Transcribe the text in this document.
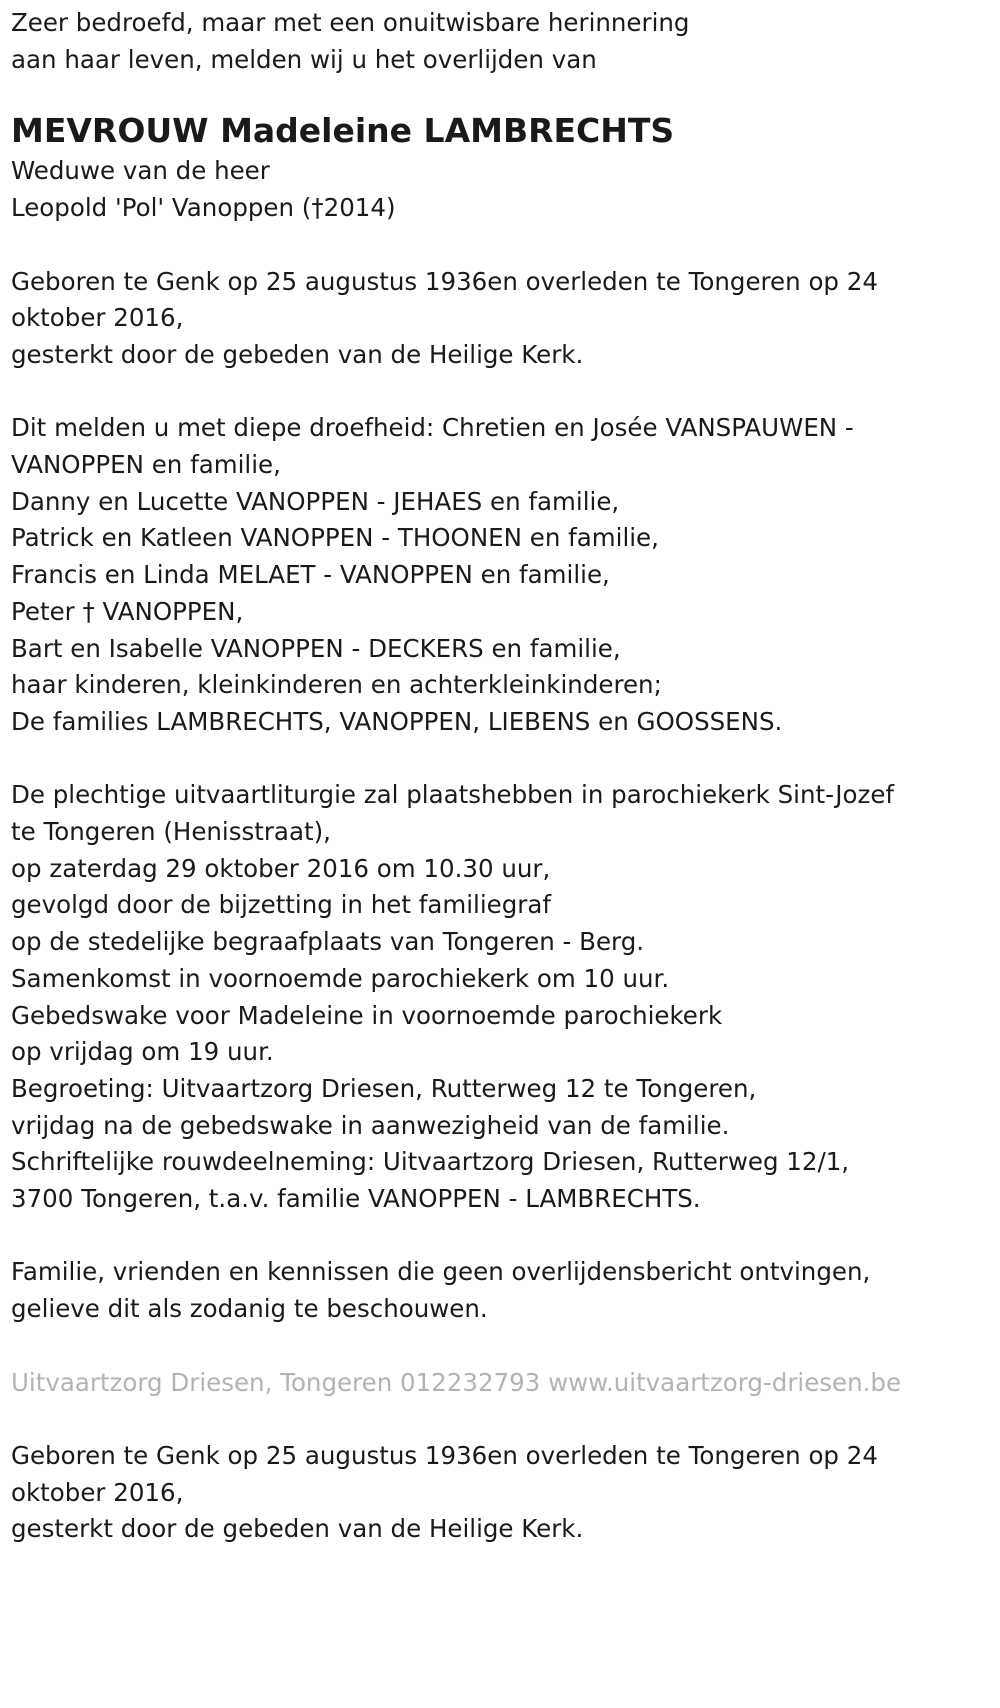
Zeer bedroefd, maar met een onuitwisbare herinnering

aan haar leven, melden wij u het overlijden van

MEVROUW Madeleine LAMBRECHTS

Weduwe van de heer

Leopold 'Pol' Vanoppen (†2014)

Geboren te Genk op 25 augustus 1936en overleden te Tongeren op 24

oktober 2016,

gesterkt door de gebeden van de Heilige Kerk.

Dit melden u met diepe droefheid: Chretien en Josée VANSPAUWEN -

VANOPPEN en familie,

Danny en Lucette VANOPPEN - JEHAES en familie,

Patrick en Katleen VANOPPEN - THOONEN en familie,

Francis en Linda MELAET - VANOPPEN en familie,

Peter † VANOPPEN,

Bart en Isabelle VANOPPEN - DECKERS en familie,

haar kinderen, kleinkinderen en achterkleinkinderen;

De families LAMBRECHTS, VANOPPEN, LIEBENS en GOOSSENS.

De plechtige uitvaartliturgie zal plaatshebben in parochiekerk Sint-Jozef

te Tongeren (Henisstraat),

op zaterdag 29 oktober 2016 om 10.30 uur,

gevolgd door de bijzetting in het familiegraf

op de stedelijke begraafplaats van Tongeren - Berg.

Samenkomst in voornoemde parochiekerk om 10 uur.

Gebedswake voor Madeleine in voornoemde parochiekerk

op vrijdag om 19 uur.

Begroeting: Uitvaartzorg Driesen, Rutterweg 12 te Tongeren,

vrijdag na de gebedswake in aanwezigheid van de familie.

Schriftelijke rouwdeelneming: Uitvaartzorg Driesen, Rutterweg 12/1,

3700 Tongeren, t.a.v. familie VANOPPEN - LAMBRECHTS.

Familie, vrienden en kennissen die geen overlijdensbericht ontvingen,

gelieve dit als zodanig te beschouwen.

Uitvaartzorg Driesen, Tongeren 012232793 www.uitvaartzorg-driesen.be

Geboren te Genk op 25 augustus 1936en overleden te Tongeren op 24

oktober 2016,

gesterkt door de gebeden van de Heilige Kerk.
